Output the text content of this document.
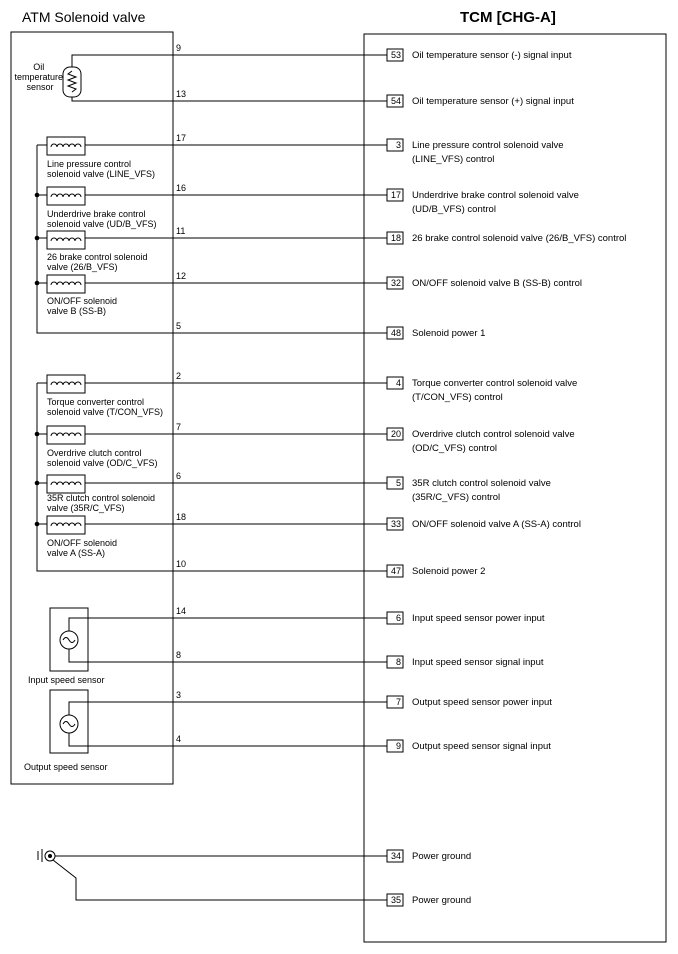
ATM Solenoid valve	TCM [CHG-A]
Oil temperature sensor
Line pressure control solenoid valve (LINE_VFS)
Underdrive brake control solenoid valve (UD/B_VFS)
26 brake control solenoid valve (26/B_VFS)
ON/OFF solenoid valve B (SS-B)
Torque converter control solenoid valve (T/CON_VFS)
Overdrive clutch control solenoid valve (OD/C_VFS)
35R clutch control solenoid valve (35R/C_VFS)
ON/OFF solenoid valve A (SS-A)
Input speed sensor
Output speed sensor
9
53 Oil temperature sensor (-) signal input
13
54 Oil temperature sensor (+) signal input
17
3 Line pressure control solenoid valve (LINE_VFS) control
16
17 Underdrive brake control solenoid valve (UD/B_VFS) control
11
18 26 brake control solenoid valve (26/B_VFS) control
12
32 ON/OFF solenoid valve B (SS-B) control
5
48 Solenoid power 1
2
4 Torque converter control solenoid valve (T/CON_VFS) control
7
20 Overdrive clutch control solenoid valve (OD/C_VFS) control
6
5 35R clutch control solenoid valve (35R/C_VFS) control
18
33 ON/OFF solenoid valve A (SS-A) control
10
47 Solenoid power 2
14
6 Input speed sensor power input
8
8 Input speed sensor signal input
3
7 Output speed sensor power input
4
9 Output speed sensor signal input
34 Power ground
35 Power ground
